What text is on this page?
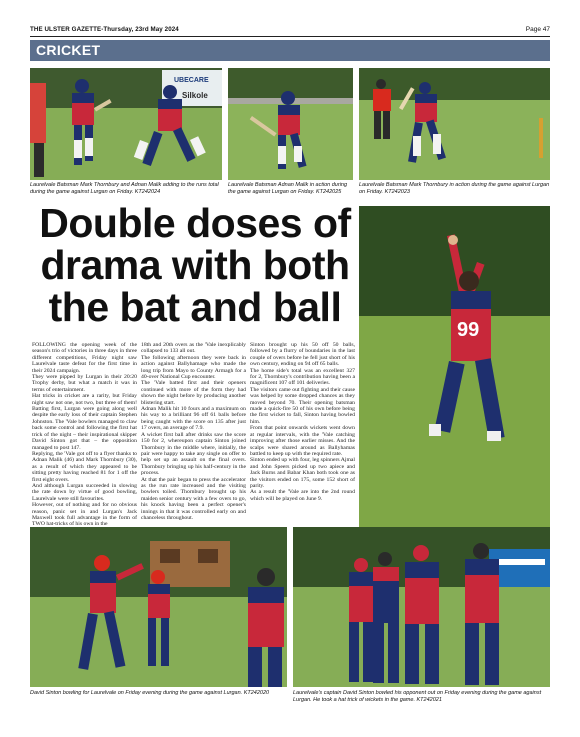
THE ULSTER GAZETTE-Thursday, 23rd May 2024	Page 47
CRICKET
UBECARE
Silkole
Laurelvale Batsman Mark Thornbury and Adnan Malik adding to the runs total during the game against Lurgan on Friday. KT242024
Laurelvale Batsman Adnan Malik in action during the game against Lurgan on Friday. KT242025
Laurelvale Batsman Mark Thornbury in action during the game against Lurgan on Friday. KT242023
Double doses of
drama with both
the bat and ball	99

FOLLOWING the opening week of the season's trio of victories in three days in three different competitions, Friday night saw Laurelvale taste defeat for the first time in their 2024 campaign.

They were pipped by Lurgan in their 20:20 Trophy derby, but what a match it was in terms of entertainment.

Hat tricks in cricket are a rarity, but Friday night saw not one, not two, but three of them! Batting first, Lurgan were going along well despite the early loss of their captain Stephen Johnston. The 'Vale bowlers managed to claw back some control and following the first hat trick of the night – their inspirational skipper David Sinton got that – the opposition managed to post 147.

Replying, the 'Vale got off to a flyer thanks to Adnan Malik (46) and Mark Thornbury (30), as a result of which they appeared to be sitting pretty having reached 81 for 1 off the first eight overs.

And although Lurgan succeeded in slowing the rate down by virtue of good bowling, Laurelvale were still favourites.

However, out of nothing and for no obvious reason, panic set in and Lurgan's Jack Maxwell took full advantage in the form of TWO hat-tricks of his own in the

18th and 20th overs as the 'Vale inexplicably collapsed to 133 all out.

The following afternoon they were back in action against Ballyhamage who made the long trip from Mayo to County Armagh for a 40-over National Cup encounter.

The 'Vale batted first and their openers continued with more of the form they had shown the night before by producing another blistering start.

Adnan Malik hit 10 fours and a maximum on his way to a brilliant 96 off 61 balls before being caught with the score on 135 after just 17 overs, an average of 7.9.

A wicket first ball after drinks saw the score 150 for 2, whereupon captain Sinton joined Thornbury in the middle where, initially, the pair were happy to take any single on offer to help set up an assault on the final overs. Thornbury bringing up his half-century in the process.

At that the pair began to press the accelerator as the run rate increased and the visiting bowlers toiled. Thornbury brought up his maiden senior century with a few overs to go, his knock having been a perfect opener's innings in that it was controlled early on and chanceless throughout.

Sinton brought up his 50 off 50 balls, followed by a flurry of boundaries in the last couple of overs before he fell just short of his own century, ending on 94 off 65 balls.

The home side's total was an excellent 327 for 2, Thornbury's contribution having been a magnificent 107 off 101 deliveries.

The visitors came out fighting and their cause was helped by some dropped chances as they moved beyond 70. Their opening batsman made a quick-fire 50 of his own before being the first wicket to fall, Sinton having bowled him.

From that point onwards wickets went down at regular intervals, with the 'Vale catching improving after those earlier misses. And the scalps were shared around as Ballyhamas battled to keep up with the required rate.

Sinton ended up with four, leg spinners Ajmal and John Speers picked up two apiece and Jack Burns and Babar Khan both took one as the visitors ended on 175, some 152 short of parity.

As a result the 'Vale are into the 2nd round which will be played on June 9.

David Sinton bowling for Laurelvale on Friday evening during the game against Lurgan. KT242020	Laurelvale's captain David Sinton bowled his opponent out on Friday evening during the game against Lurgan. He took a hat trick of wickets in the game. KT242021
